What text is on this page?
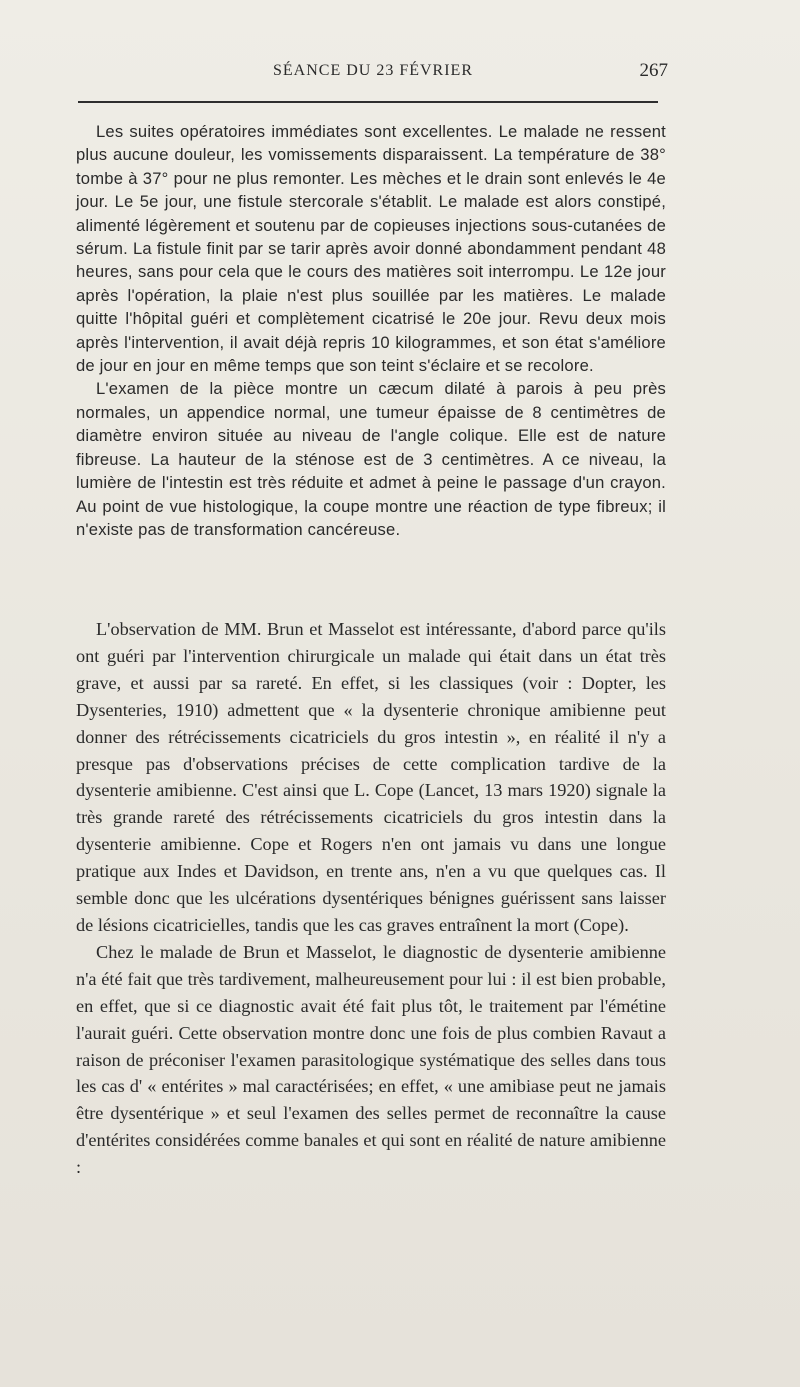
SÉANCE DU 23 FÉVRIER	267

Les suites opératoires immédiates sont excellentes. Le malade ne ressent plus aucune douleur, les vomissements disparaissent. La température de 38° tombe à 37° pour ne plus remonter. Les mèches et le drain sont enlevés le 4e jour. Le 5e jour, une fistule stercorale s'établit. Le malade est alors constipé, alimenté légèrement et soutenu par de copieuses injections sous-cutanées de sérum. La fistule finit par se tarir après avoir donné abondamment pendant 48 heures, sans pour cela que le cours des matières soit interrompu. Le 12e jour après l'opération, la plaie n'est plus souillée par les matières. Le malade quitte l'hôpital guéri et complètement cicatrisé le 20e jour. Revu deux mois après l'intervention, il avait déjà repris 10 kilogrammes, et son état s'améliore de jour en jour en même temps que son teint s'éclaire et se recolore.

L'examen de la pièce montre un cæcum dilaté à parois à peu près normales, un appendice normal, une tumeur épaisse de 8 centimètres de diamètre environ située au niveau de l'angle colique. Elle est de nature fibreuse. La hauteur de la sténose est de 3 centimètres. A ce niveau, la lumière de l'intestin est très réduite et admet à peine le passage d'un crayon. Au point de vue histologique, la coupe montre une réaction de type fibreux; il n'existe pas de transformation cancéreuse.

L'observation de MM. Brun et Masselot est intéressante, d'abord parce qu'ils ont guéri par l'intervention chirurgicale un malade qui était dans un état très grave, et aussi par sa rareté. En effet, si les classiques (voir : Dopter, les Dysenteries, 1910) admettent que « la dysenterie chronique amibienne peut donner des rétrécissements cicatriciels du gros intestin », en réalité il n'y a presque pas d'observations précises de cette complication tardive de la dysenterie amibienne. C'est ainsi que L. Cope (Lancet, 13 mars 1920) signale la très grande rareté des rétrécissements cicatriciels du gros intestin dans la dysenterie amibienne. Cope et Rogers n'en ont jamais vu dans une longue pratique aux Indes et Davidson, en trente ans, n'en a vu que quelques cas. Il semble donc que les ulcérations dysentériques bénignes guérissent sans laisser de lésions cicatricielles, tandis que les cas graves entraînent la mort (Cope).

Chez le malade de Brun et Masselot, le diagnostic de dysenterie amibienne n'a été fait que très tardivement, malheureusement pour lui : il est bien probable, en effet, que si ce diagnostic avait été fait plus tôt, le traitement par l'émétine l'aurait guéri. Cette observation montre donc une fois de plus combien Ravaut a raison de préconiser l'examen parasitologique systématique des selles dans tous les cas d' « entérites » mal caractérisées; en effet, « une amibiase peut ne jamais être dysentérique » et seul l'examen des selles permet de reconnaître la cause d'entérites considérées comme banales et qui sont en réalité de nature amibienne :
